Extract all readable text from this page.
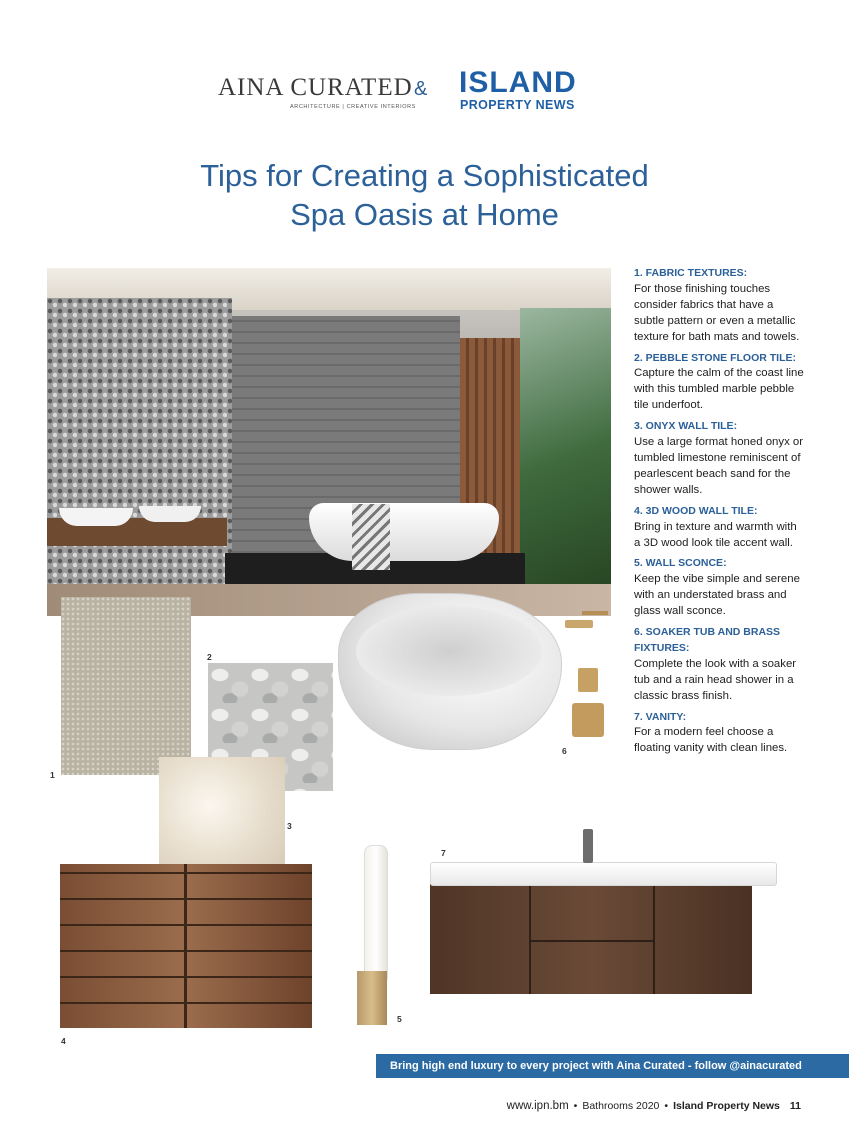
AINA CURATED
ARCHITECTURE | CREATIVE INTERIORS
& ISLAND
PROPERTY NEWS
Tips for Creating a Sophisticated
Spa Oasis at Home
1
2
3
4
5
6
7
1. FABRIC TEXTURES:
For those finishing touches consider fabrics that have a subtle pattern or even a metallic texture for bath mats and towels.
2. PEBBLE STONE FLOOR TILE:
Capture the calm of the coast line with this tumbled marble pebble tile underfoot.
3. ONYX WALL TILE:
Use a large format honed onyx or tumbled limestone reminiscent of pearlescent beach sand for the shower walls.
4. 3D WOOD WALL TILE:
Bring in texture and warmth with a 3D wood look tile accent wall.
5. WALL SCONCE:
Keep the vibe simple and serene with an understated brass and glass wall sconce.
6. SOAKER TUB AND BRASS FIXTURES:
Complete the look with a soaker tub and a rain head shower in a classic brass finish.
7. VANITY:
For a modern feel choose a floating vanity with clean lines.
Bring high end luxury to every project with Aina Curated - follow @ainacurated
www.ipn.bm • Bathrooms 2020 • Island Property News 11
